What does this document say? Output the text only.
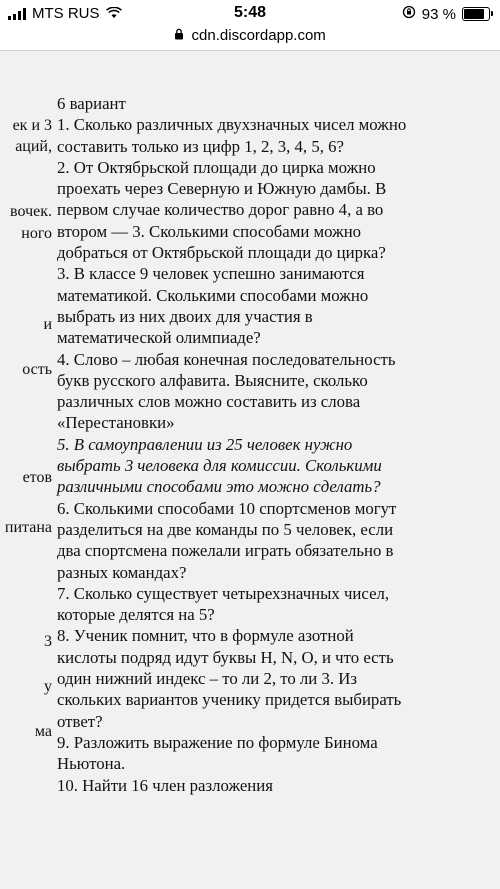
MTS RUS	5:48	93 %
cdn.discordapp.com
ек и 3
аций,
вочек.
ного
и
ость
етов
питана
3
у
ма
6 вариант
1. Сколько различных двухзначных чисел можно
составить только из цифр 1, 2, 3, 4, 5, 6?
2. От Октябрьской площади до цирка можно
проехать через Северную и Южную дамбы. В
первом случае количество дорог равно 4, а во
втором — 3. Сколькими способами можно
добраться от Октябрьской площади до цирка?
3. В классе 9 человек успешно занимаются
математикой. Сколькими способами можно
выбрать из них двоих для участия в
математической олимпиаде?
4. Слово – любая конечная последовательность
букв русского алфавита. Выясните, сколько
различных слов можно составить из слова
«Перестановки»
5. В самоуправлении из 25 человек нужно
выбрать 3 человека для комиссии. Сколькими
различными способами это можно сделать?
6. Сколькими способами 10 спортсменов могут
разделиться на две команды по 5 человек, если
два спортсмена пожелали играть обязательно в
разных командах?
7. Сколько существует четырехзначных чисел,
которые делятся на 5?
8. Ученик помнит, что в формуле азотной
кислоты подряд идут буквы H, N, O, и что есть
один нижний индекс – то ли 2, то ли 3. Из
скольких вариантов ученику придется выбирать
ответ?
9. Разложить выражение по формуле Бинома
Ньютона.
10. Найти 16 член разложения
